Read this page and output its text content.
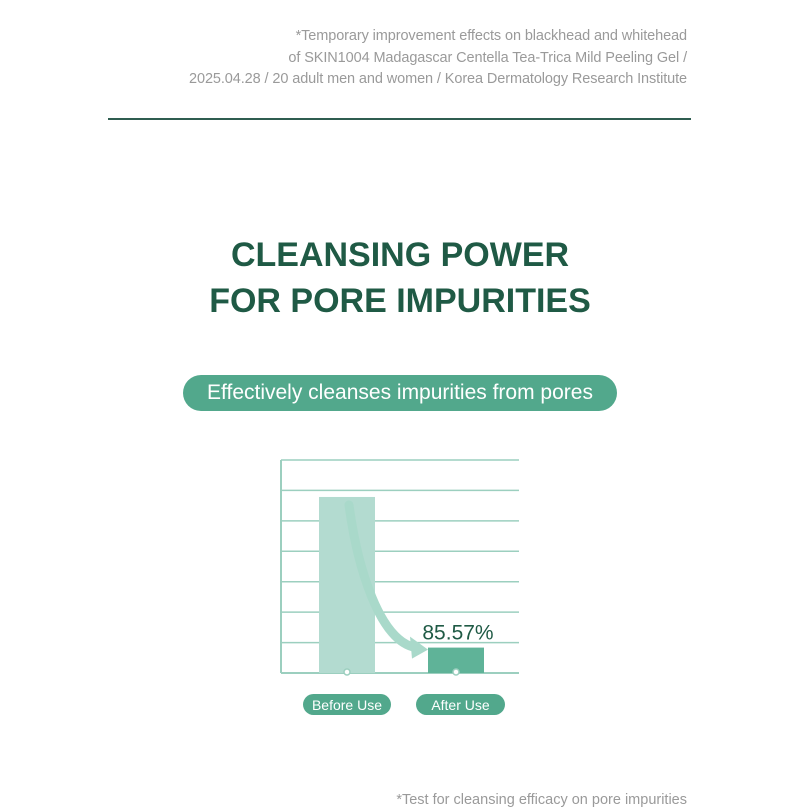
*Temporary improvement effects on blackhead and whitehead
of SKIN1004 Madagascar Centella Tea-Trica Mild Peeling Gel /
2025.04.28 / 20 adult men and women / Korea Dermatology Research Institute
CLEANSING POWER
FOR PORE IMPURITIES
Effectively cleanses impurities from pores
85.57%
Before Use	After Use
*Test for cleansing efficacy on pore impurities
